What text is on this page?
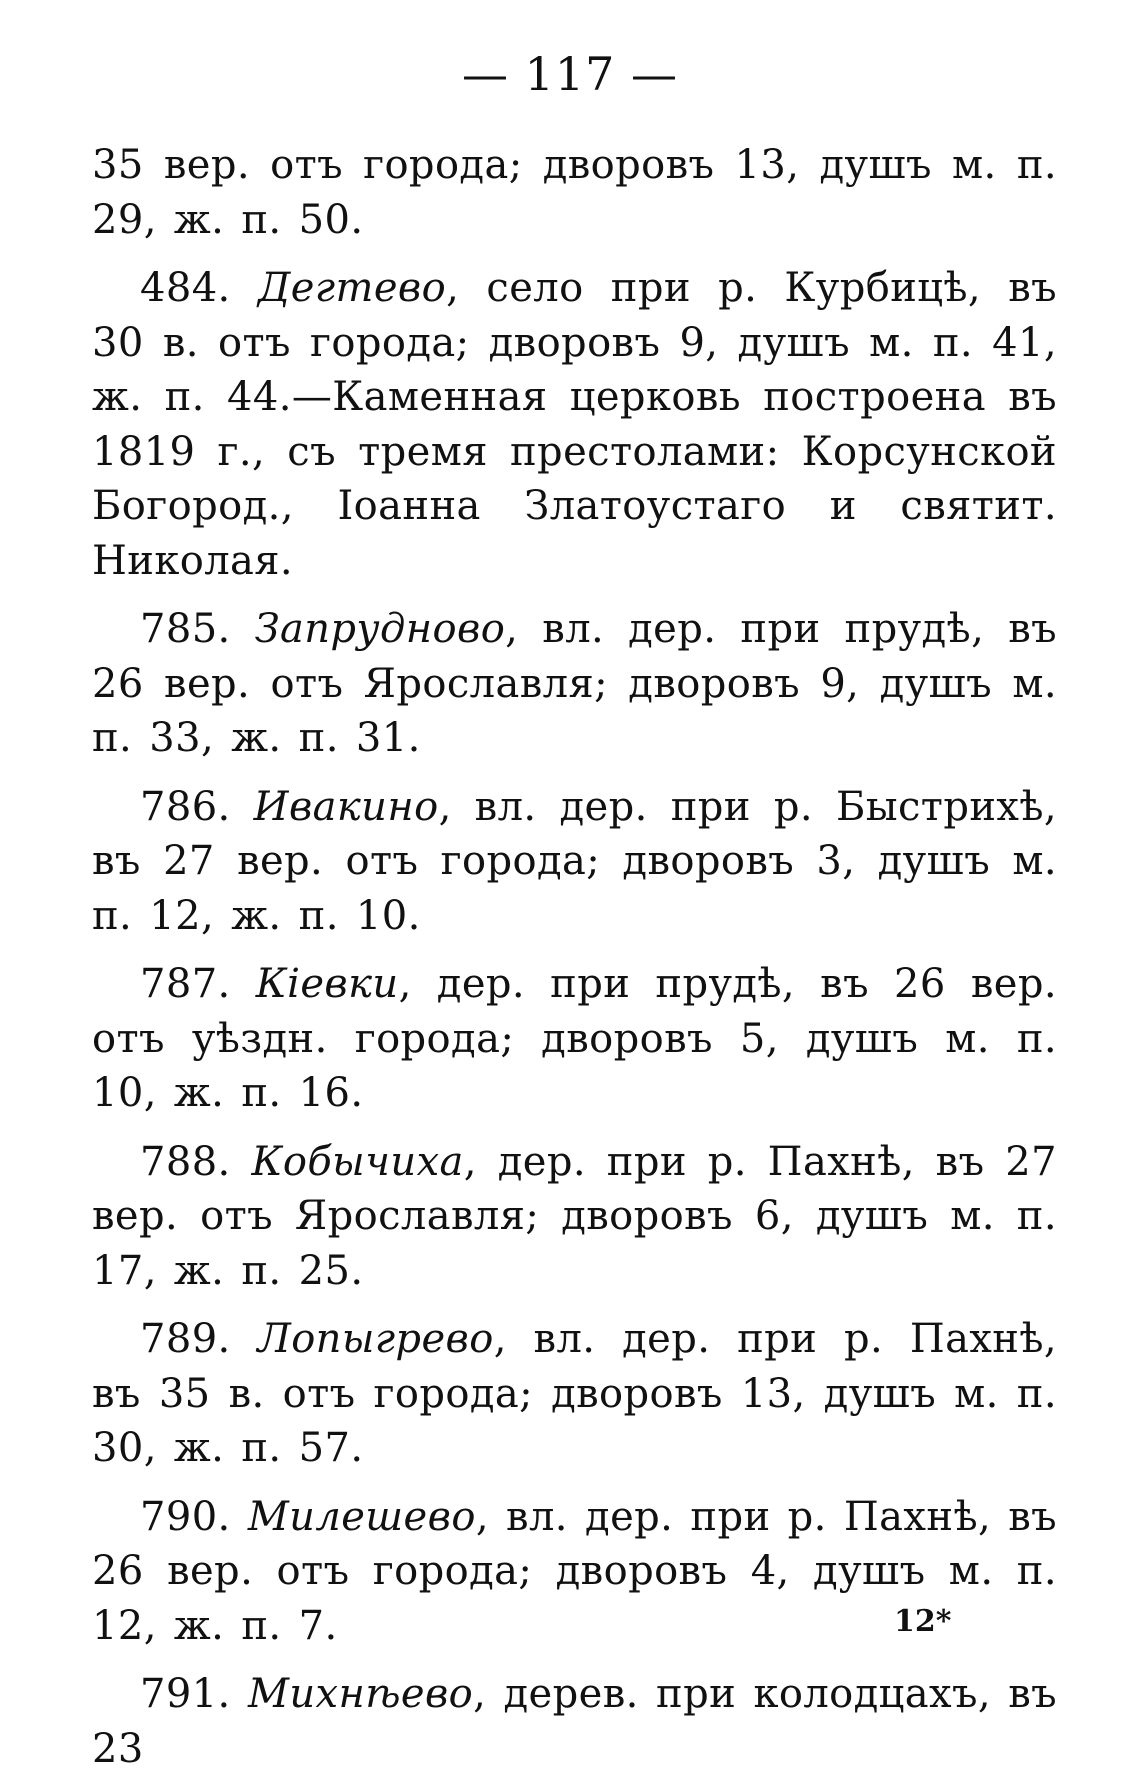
— 117 —

35 вер. отъ города; дворовъ 13, душъ м. п. 29, ж. п. 50.

484. Дегтево, село при р. Курбицѣ, въ 30 в. отъ города; дворовъ 9, душъ м. п. 41, ж. п. 44.—Каменная церковь построена въ 1819 г., съ тремя престолами: Корсунской Богород., Іоанна Златоустаго и святит. Николая.

785. Запрудново, вл. дер. при прудѣ, въ 26 вер. отъ Ярославля; дворовъ 9, душъ м. п. 33, ж. п. 31.

786. Ивакино, вл. дер. при р. Быстрихѣ, въ 27 вер. отъ города; дворовъ 3, душъ м. п. 12, ж. п. 10.

787. Кіевки, дер. при прудѣ, въ 26 вер. отъ уѣздн. города; дворовъ 5, душъ м. п. 10, ж. п. 16.

788. Кобычиха, дер. при р. Пахнѣ, въ 27 вер. отъ Ярославля; дворовъ 6, душъ м. п. 17, ж. п. 25.

789. Лопыгрево, вл. дер. при р. Пахнѣ, въ 35 в. отъ города; дворовъ 13, душъ м. п. 30, ж. п. 57.

790. Милешево, вл. дер. при р. Пахнѣ, въ 26 вер. отъ города; дворовъ 4, душъ м. п. 12, ж. п. 7.

791. Михнѣево, дерев. при колодцахъ, въ 23

12*
